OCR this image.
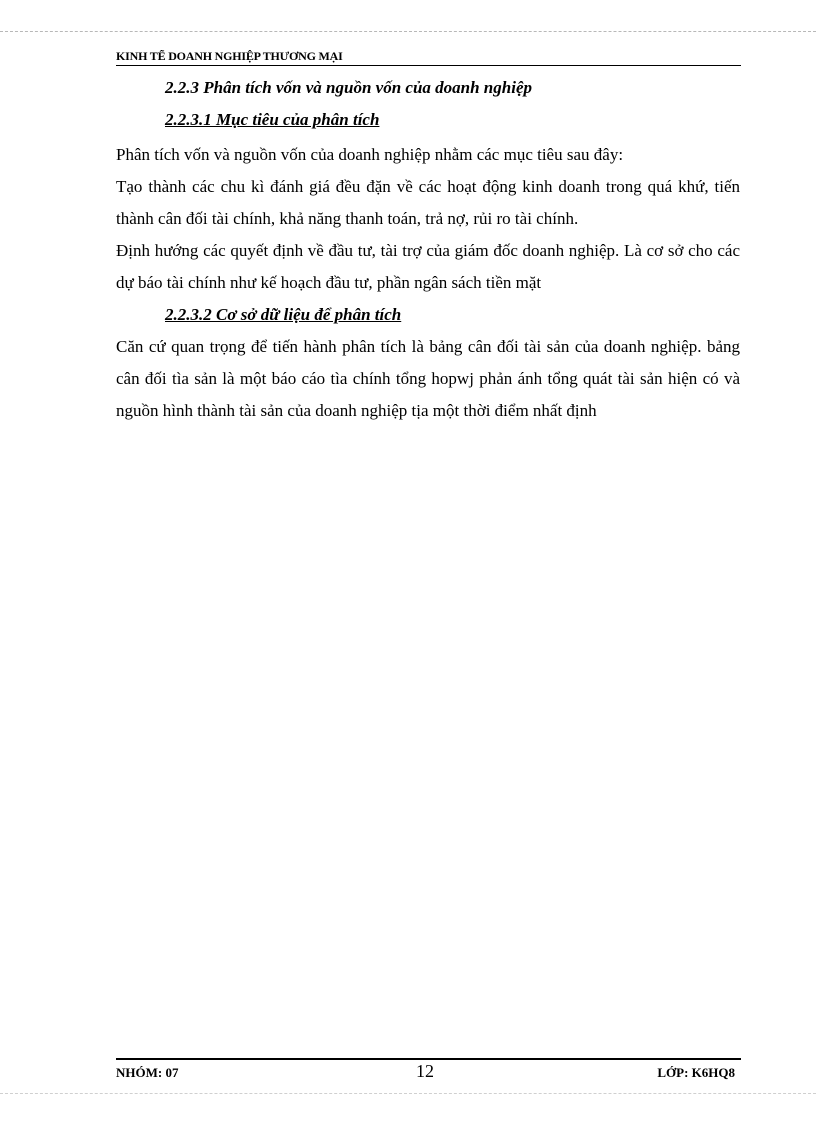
KINH TẾ DOANH NGHIỆP THƯƠNG MẠI
2.2.3 Phân tích vốn và nguồn vốn của doanh nghiệp
2.2.3.1 Mục tiêu của phân tích

Phân tích vốn và nguồn vốn của doanh nghiệp nhằm các mục tiêu sau đây:

Tạo thành các chu kì đánh giá đều đặn về các hoạt động kinh doanh trong quá khứ, tiến thành cân đối tài chính, khả năng thanh toán, trả nợ, rủi ro tài chính.

Định hướng các quyết định về đầu tư, tài trợ của giám đốc doanh nghiệp. Là cơ sở cho các dự báo tài chính như kế hoạch đầu tư, phần ngân sách tiền mặt

2.2.3.2 Cơ sở dữ liệu để phân tích

Căn cứ quan trọng để tiến hành phân tích là bảng cân đối tài sản của doanh nghiệp. bảng cân đối tìa sản là một báo cáo tìa chính tổng hopwj phản ánh tổng quát tài sản hiện có và nguồn hình thành tài sản của doanh nghiệp tịa một thời điểm nhất định

NHÓM: 07	12	LỚP: K6HQ8
